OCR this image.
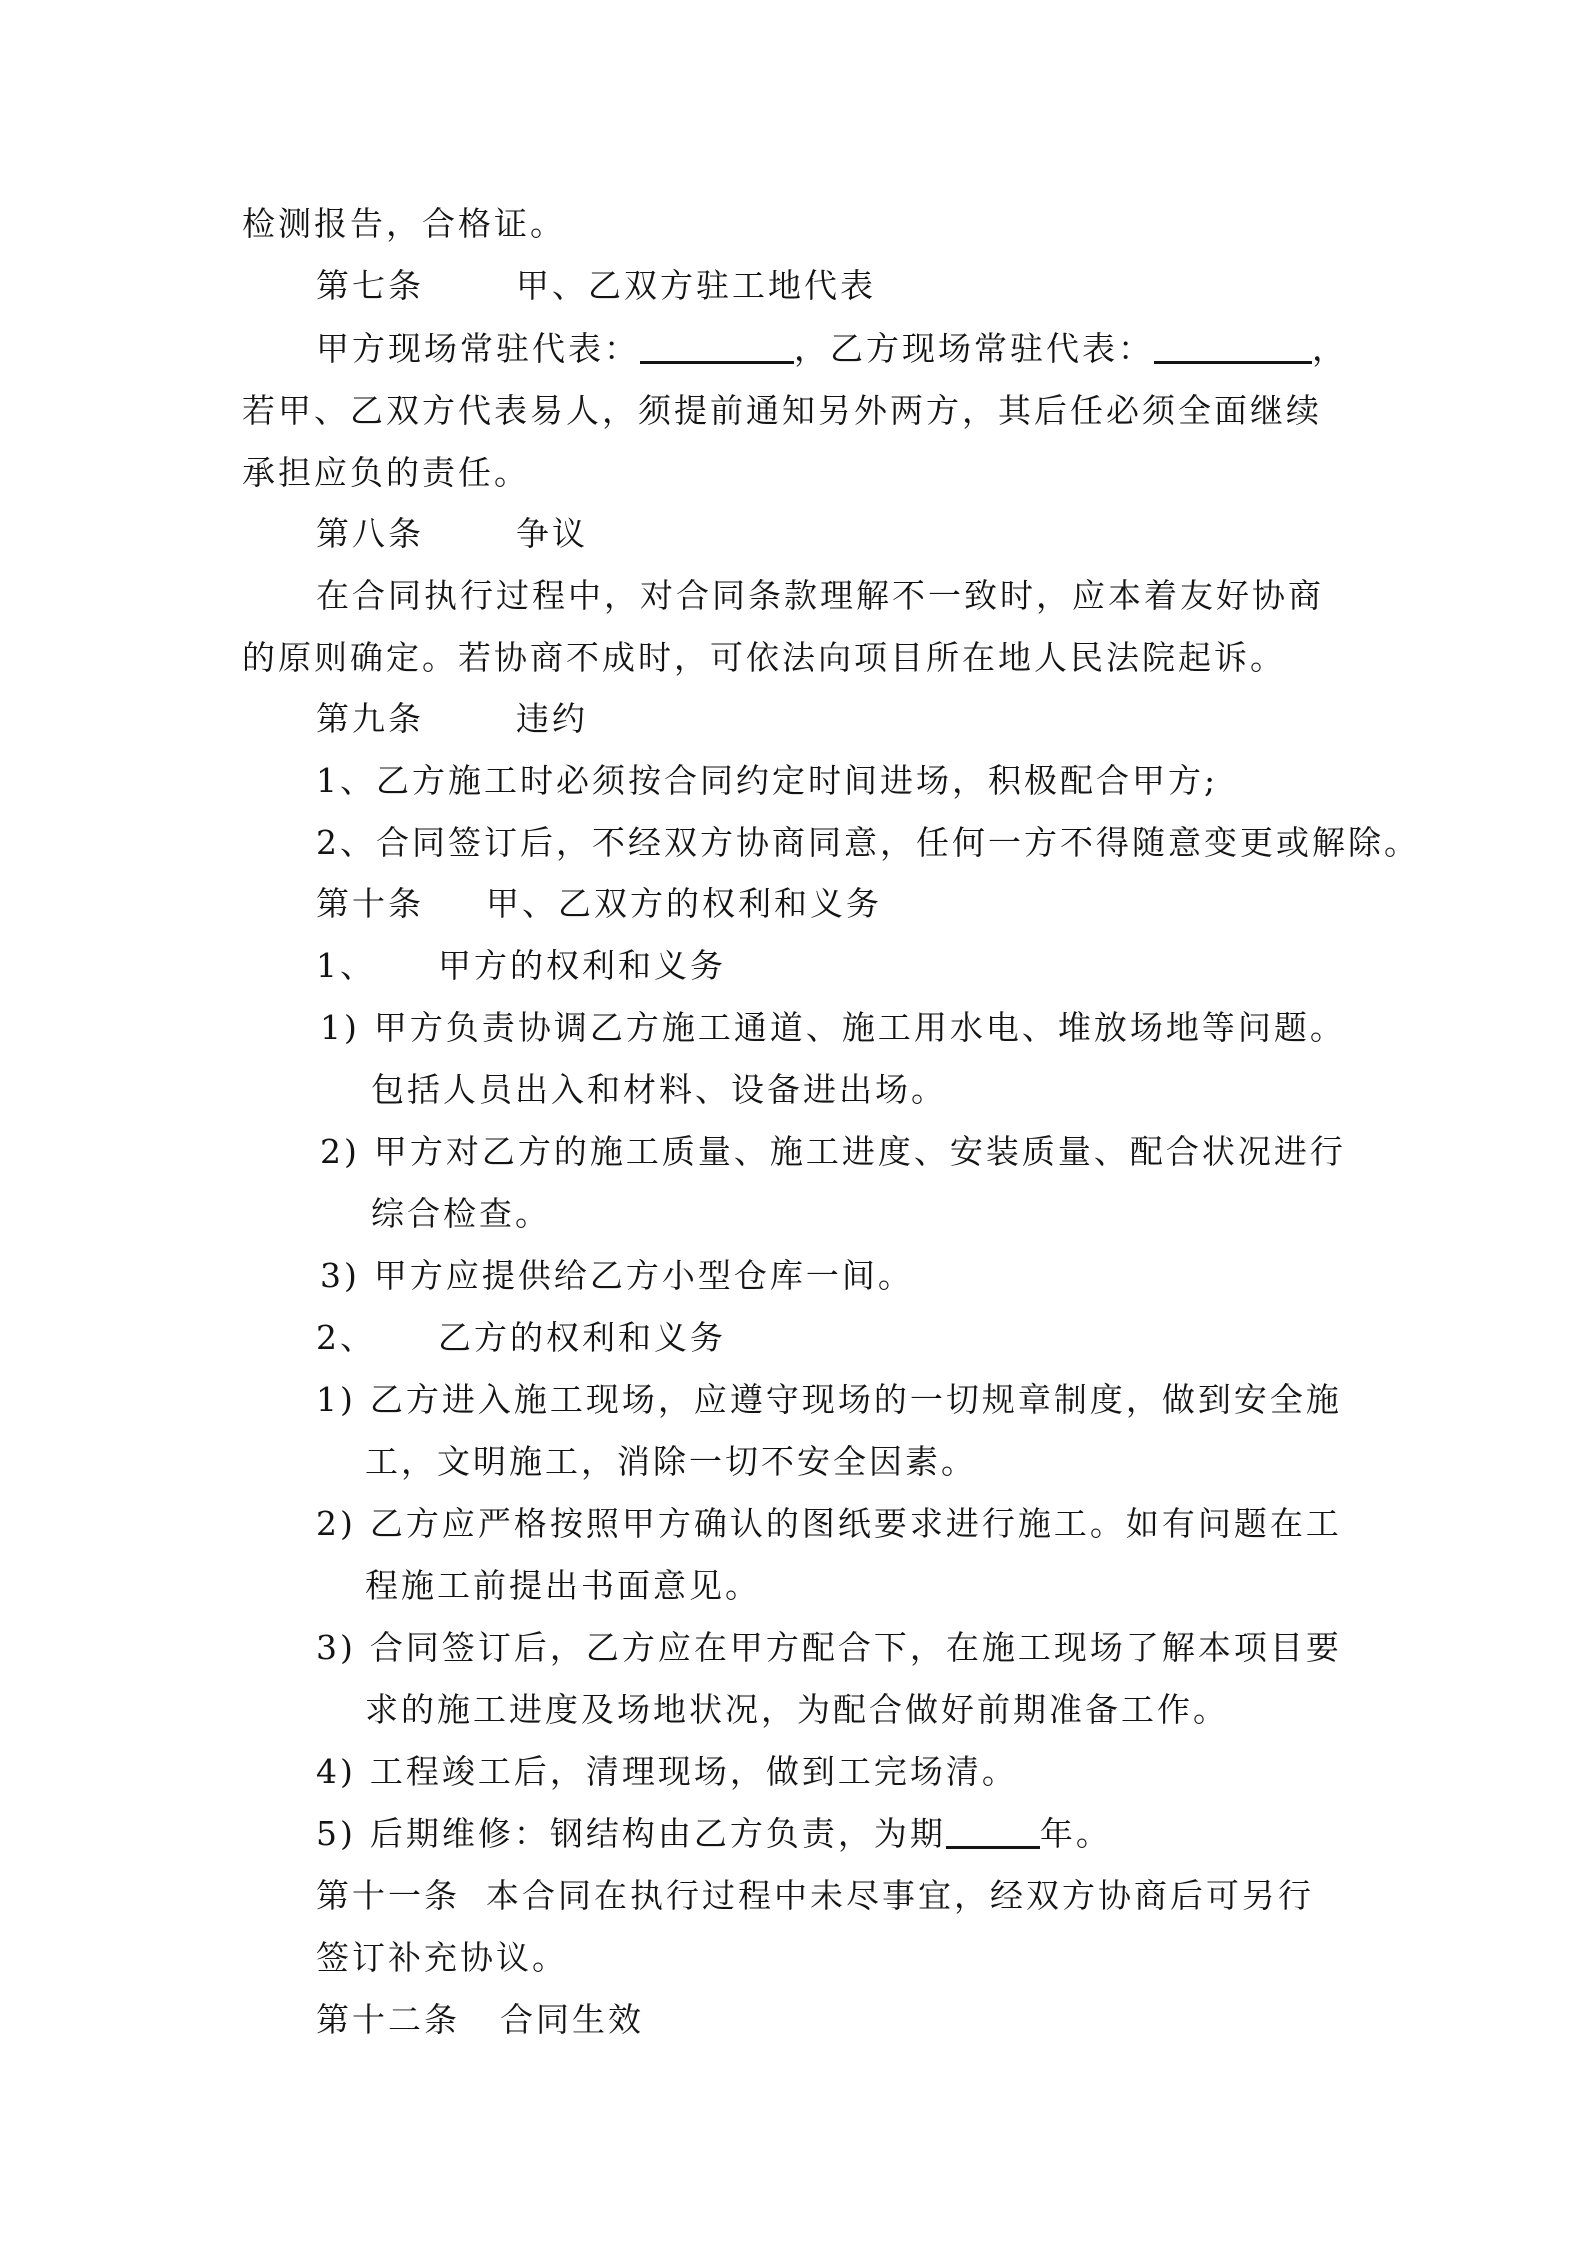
检测报告，合格证。
第七条	甲、乙双方驻工地代表
甲方现场常驻代表：	，乙方现场常驻代表：	，
若甲、乙双方代表易人，须提前通知另外两方，其后任必须全面继续
承担应负的责任。
第八条	争议
在合同执行过程中，对合同条款理解不一致时，应本着友好协商
的原则确定。若协商不成时，可依法向项目所在地人民法院起诉。
第九条	违约
1、乙方施工时必须按合同约定时间进场，积极配合甲方;
2、合同签订后，不经双方协商同意，任何一方不得随意变更或解除。
第十条 甲、乙双方的权利和义务
1、 甲方的权利和义务
1) 甲方负责协调乙方施工通道、施工用水电、堆放场地等问题。
包括人员出入和材料、设备进出场。
2) 甲方对乙方的施工质量、施工进度、安装质量、配合状况进行
综合检查。
3) 甲方应提供给乙方小型仓库一间。
2、 乙方的权利和义务
1) 乙方进入施工现场，应遵守现场的一切规章制度，做到安全施
工，文明施工，消除一切不安全因素。
2) 乙方应严格按照甲方确认的图纸要求进行施工。如有问题在工
程施工前提出书面意见。
3) 合同签订后，乙方应在甲方配合下，在施工现场了解本项目要
求的施工进度及场地状况，为配合做好前期准备工作。
4) 工程竣工后，清理现场，做到工完场清。
5) 后期维修：钢结构由乙方负责，为期	年。
第十一条 本合同在执行过程中未尽事宜，经双方协商后可另行
签订补充协议。
第十二条 合同生效
